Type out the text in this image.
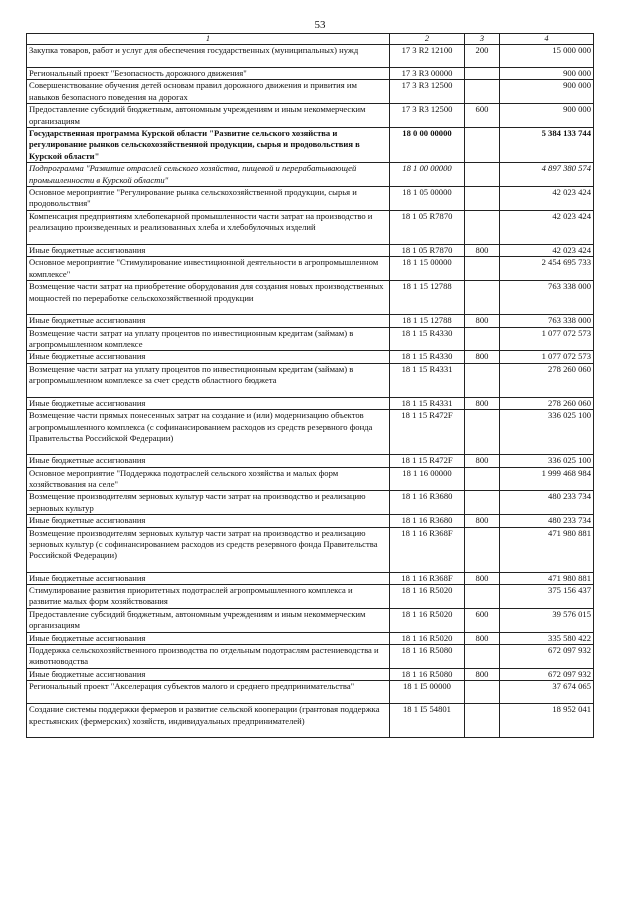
53
1	2	3	4
Закупка товаров, работ и услуг для обеспечения государственных (муниципальных) нужд	17 3 R2 12100	200	15 000 000
Региональный проект "Безопасность дорожного движения"	17 3 R3 00000		900 000
Совершенствование обучения детей основам правил дорожного движения и привития им навыков безопасного поведения на дорогах	17 3 R3 12500		900 000
Предоставление субсидий бюджетным, автономным учреждениям и иным некоммерческим организациям	17 3 R3 12500	600	900 000
Государственная программа Курской области "Развитие сельского хозяйства и регулирование рынков сельскохозяйственной продукции, сырья и продовольствия в Курской области"	18 0 00 00000		5 384 133 744
Подпрограмма "Развитие отраслей сельского хозяйства, пищевой и перерабатывающей промышленности в Курской области"	18 1 00 00000		4 897 380 574
Основное мероприятие "Регулирование рынка сельскохозяйственной продукции, сырья и продовольствия"	18 1 05 00000		42 023 424
Компенсация предприятиям хлебопекарной промышленности части затрат на производство и реализацию произведенных и реализованных хлеба и хлебобулочных изделий	18 1 05 R7870		42 023 424
Иные бюджетные ассигнования	18 1 05 R7870	800	42 023 424
Основное мероприятие "Стимулирование инвестиционной деятельности в агропромышленном комплексе"	18 1 15 00000		2 454 695 733
Возмещение части затрат на приобретение оборудования для создания новых производственных мощностей по переработке сельскохозяйственной продукции	18 1 15 12788		763 338 000
Иные бюджетные ассигнования	18 1 15 12788	800	763 338 000
Возмещение части затрат на уплату процентов по инвестиционным кредитам (займам) в агропромышленном комплексе	18 1 15 R4330		1 077 072 573
Иные бюджетные ассигнования	18 1 15 R4330	800	1 077 072 573
Возмещение части затрат на уплату процентов по инвестиционным кредитам (займам) в агропромышленном комплексе за счет средств областного бюджета	18 1 15 R4331		278 260 060
Иные бюджетные ассигнования	18 1 15 R4331	800	278 260 060
Возмещение части прямых понесенных затрат на создание и (или) модернизацию объектов агропромышленного комплекса (с софинансированием расходов из средств резервного фонда Правительства Российской Федерации)	18 1 15 R472F		336 025 100
Иные бюджетные ассигнования	18 1 15 R472F	800	336 025 100
Основное мероприятие "Поддержка подотраслей сельского хозяйства и малых форм хозяйствования на селе"	18 1 16 00000		1 999 468 984
Возмещение производителям зерновых культур части затрат на производство и реализацию зерновых культур	18 1 16 R3680		480 233 734
Иные бюджетные ассигнования	18 1 16 R3680	800	480 233 734
Возмещение производителям зерновых культур части затрат на производство и реализацию зерновых культур (с софинансированием расходов из средств резервного фонда Правительства Российской Федерации)	18 1 16 R368F		471 980 881
Иные бюджетные ассигнования	18 1 16 R368F	800	471 980 881
Стимулирование развития приоритетных подотраслей агропромышленного комплекса и развитие малых форм хозяйствования	18 1 16 R5020		375 156 437
Предоставление субсидий бюджетным, автономным учреждениям и иным некоммерческим организациям	18 1 16 R5020	600	39 576 015
Иные бюджетные ассигнования	18 1 16 R5020	800	335 580 422
Поддержка сельскохозяйственного производства по отдельным подотраслям растениеводства и животноводства	18 1 16 R5080		672 097 932
Иные бюджетные ассигнования	18 1 16 R5080	800	672 097 932
Региональный проект "Акселерация субъектов малого и среднего предпринимательства"	18 1 I5 00000		37 674 065
Создание системы поддержки фермеров и развитие сельской кооперации (грантовая поддержка крестьянских (фермерских) хозяйств, индивидуальных предпринимателей)	18 1 I5 54801		18 952 041
